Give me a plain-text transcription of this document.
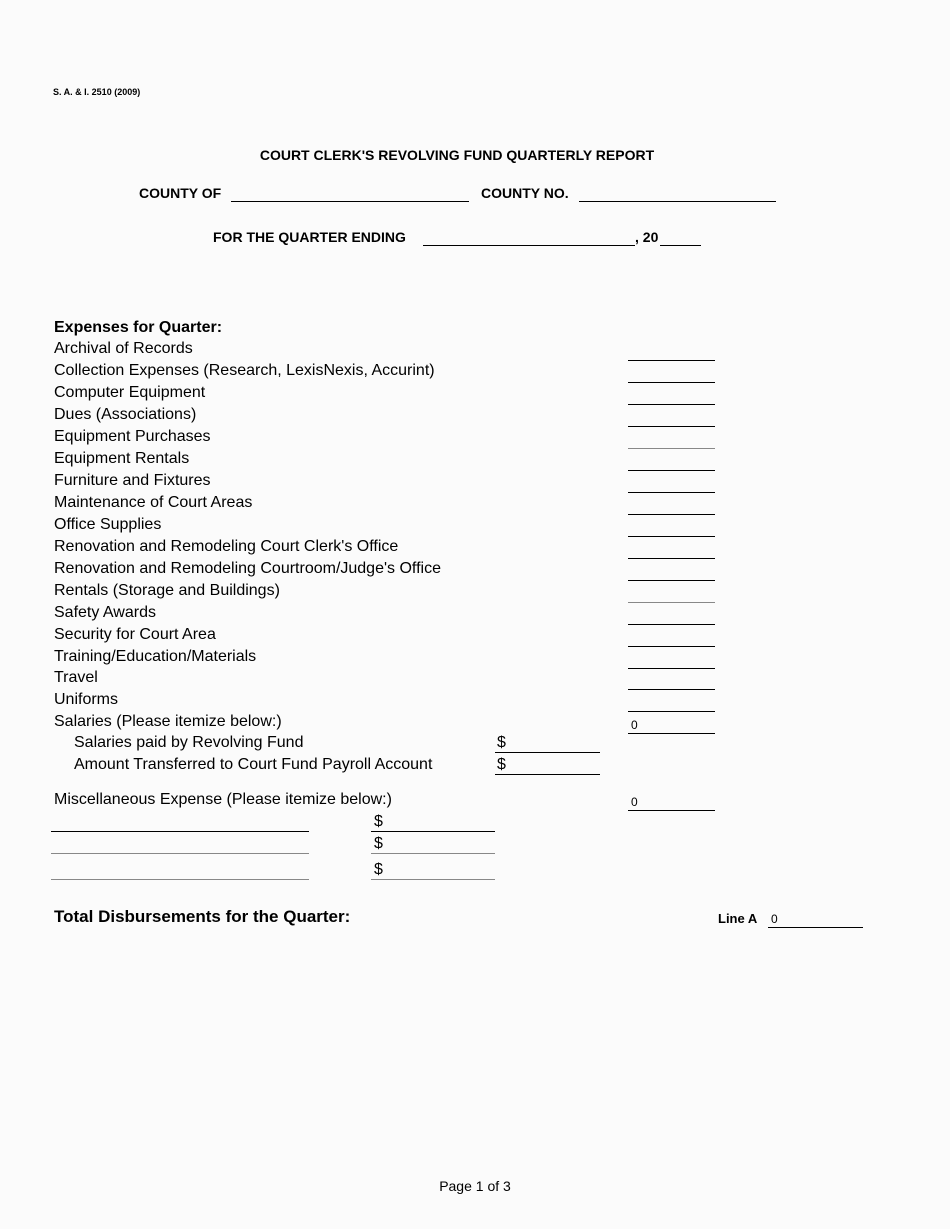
S. A. & I. 2510 (2009)
COURT CLERK'S REVOLVING FUND QUARTERLY REPORT
COUNTY OF	COUNTY NO.
FOR THE QUARTER ENDING	, 20
Expenses for Quarter:
Archival of Records
Collection Expenses (Research, LexisNexis, Accurint)
Computer Equipment
Dues (Associations)
Equipment Purchases
Equipment Rentals
Furniture and Fixtures
Maintenance of Court Areas
Office Supplies
Renovation and Remodeling Court Clerk's Office
Renovation and Remodeling Courtroom/Judge's Office
Rentals (Storage and Buildings)
Safety Awards
Security for Court Area
Training/Education/Materials
Travel
Uniforms
Salaries (Please itemize below:)	0
Salaries paid by Revolving Fund	$
Amount Transferred to Court Fund Payroll Account	$
Miscellaneous Expense (Please itemize below:)	0
$
$
$
Total Disbursements for the Quarter:	Line A 0
Page 1 of 3
